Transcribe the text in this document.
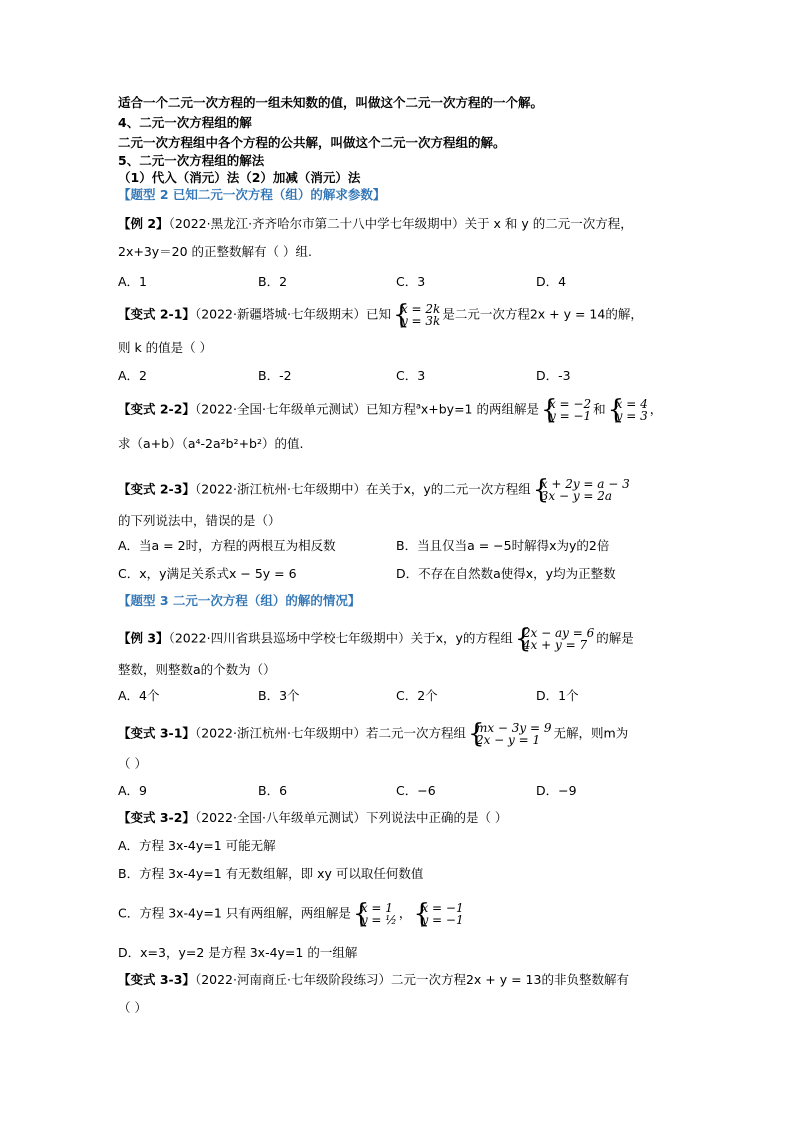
适合一个二元一次方程的一组未知数的值，叫做这个二元一次方程的一个解。
4、二元一次方程组的解
二元一次方程组中各个方程的公共解，叫做这个二元一次方程组的解。
5、二元一次方程组的解法
（1）代入（消元）法（2）加减（消元）法
【题型 2 已知二元一次方程（组）的解求参数】
【例 2】（2022·黑龙江·齐齐哈尔市第二十八中学七年级期中）关于 x 和 y 的二元一次方程，
2x+3y＝20 的正整数解有（ ）组.
A．1	B．2	C．3	D．4
【变式 2-1】（2022·新疆塔城·七年级期末）已知 {
x = 2k
y = 3k 是二元一次方程2x + y = 14的解，
则 k 的值是（ ）
A．2	B．-2	C．3	D．-3
【变式 2-2】（2022·全国·七年级单元测试）已知方程$^a$x+by=1 的两组解是 {
x = −2
y = −1 和 {
x = 4
y = 3 ，
求（a+b）（a⁴-2a²b²+b²）的值.
【变式 2-3】（2022·浙江杭州·七年级期中）在关于x，y的二元一次方程组 {
x + 2y = a − 3
3x − y = 2a
的下列说法中，错误的是（）
A．当a = 2时，方程的两根互为相反数	B．当且仅当a = −5时解得x为y的2倍
C．x，y满足关系式x − 5y = 6	D．不存在自然数a使得x，y均为正整数
【题型 3 二元一次方程（组）的解的情况】
【例 3】（2022·四川省珙县巡场中学校七年级期中）关于x，y的方程组 {
2x − ay = 6
4x + y = 7 的解是
整数，则整数a的个数为（）
A．4个	B．3个	C．2个	D．1个
【变式 3-1】（2022·浙江杭州·七年级期中）若二元一次方程组 {
mx − 3y = 9
2x − y = 1	无解，则m为
（ ）
A．9	B．6	C．−6	D．−9
【变式 3-2】（2022·全国·八年级单元测试）下列说法中正确的是（ ）
A．方程 3x-4y=1 可能无解
B．方程 3x-4y=1 有无数组解，即 xy 可以取任何数值
C．方程 3x-4y=1 只有两组解，两组解是 {
x = 1
y = ½ ， {
x = −1
y = −1
D．x=3，y=2 是方程 3x-4y=1 的一组解
【变式 3-3】（2022·河南商丘·七年级阶段练习）二元一次方程2x + y = 13的非负整数解有
（ ）
